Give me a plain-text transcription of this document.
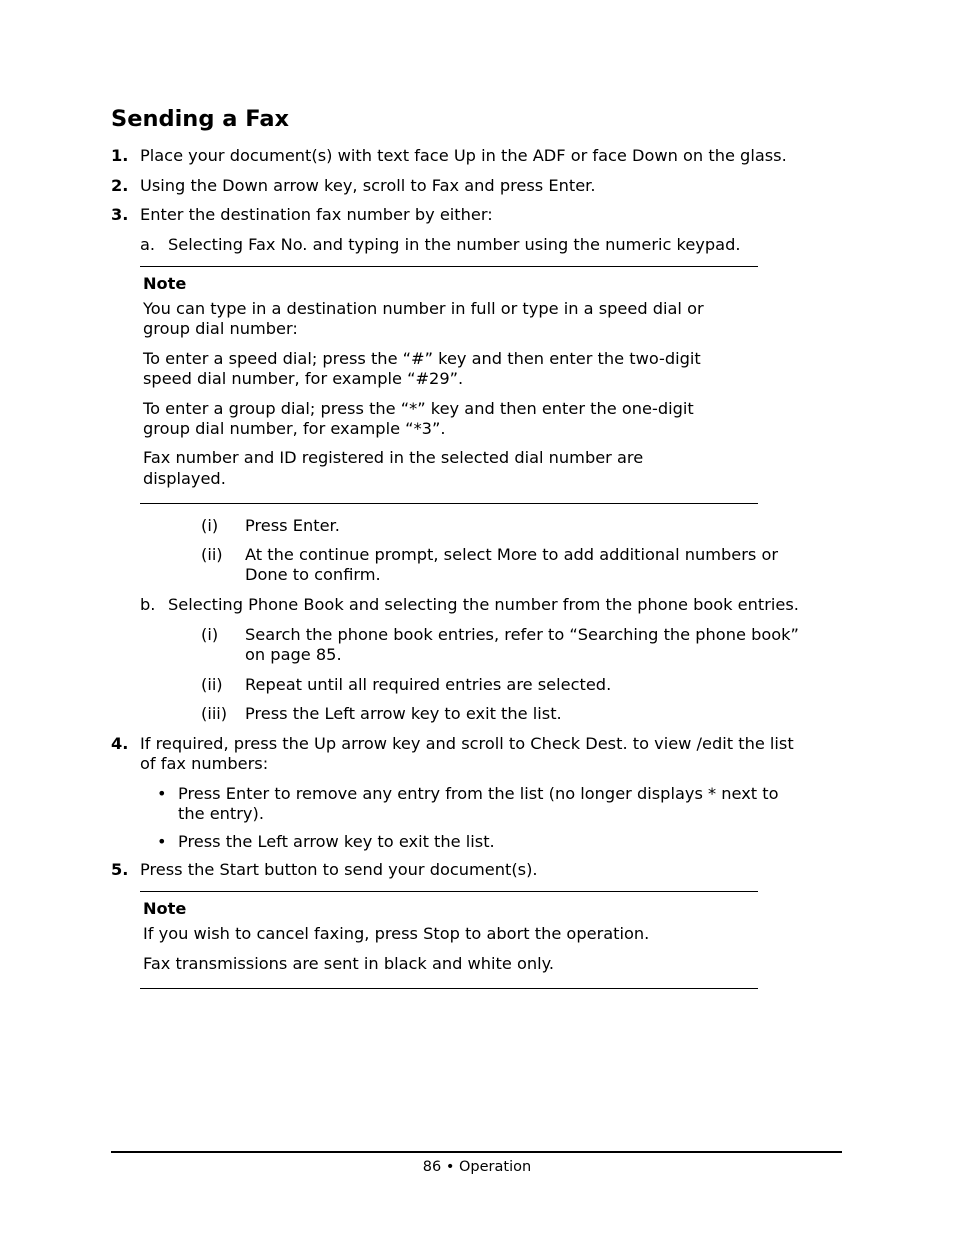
Sending a Fax
1. Place your document(s) with text face Up in the ADF or face Down on the glass.
2. Using the Down arrow key, scroll to Fax and press Enter.
3. Enter the destination fax number by either:
a. Selecting Fax No. and typing in the number using the numeric keypad.
Note
You can type in a destination number in full or type in a speed dial or
group dial number:
To enter a speed dial; press the “#” key and then enter the two-digit
speed dial number, for example “#29”.
To enter a group dial; press the “*” key and then enter the one-digit
group dial number, for example “*3”.
Fax number and ID registered in the selected dial number are
displayed.
(i) Press Enter.
(ii) At the continue prompt, select More to add additional numbers or
Done to confirm.
b. Selecting Phone Book and selecting the number from the phone book entries.
(i) Search the phone book entries, refer to “Searching the phone book”
on page 85.
(ii) Repeat until all required entries are selected.
(iii) Press the Left arrow key to exit the list.
4. If required, press the Up arrow key and scroll to Check Dest. to view /edit the list
of fax numbers:
• Press Enter to remove any entry from the list (no longer displays * next to
the entry).
• Press the Left arrow key to exit the list.
5. Press the Start button to send your document(s).
Note
If you wish to cancel faxing, press Stop to abort the operation.
Fax transmissions are sent in black and white only.
86 • Operation
